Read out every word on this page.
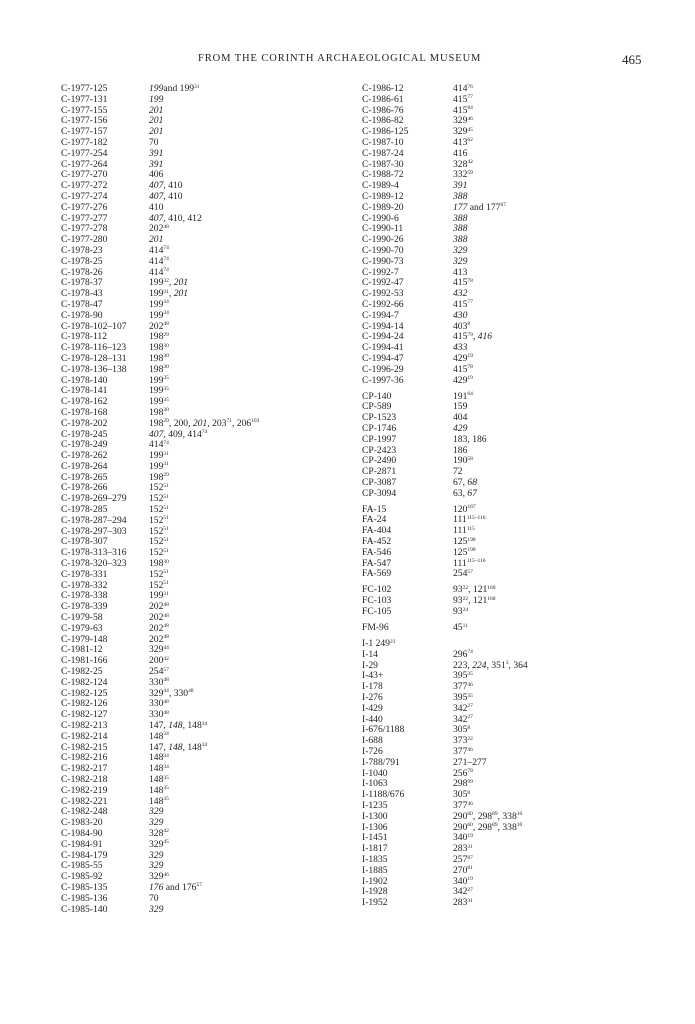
FROM THE CORINTH ARCHAEOLOGICAL MUSEUM	465
C-1977-125	199and $199^{31}$
C-1977-131	199
C-1977-155	201
C-1977-156	201
C-1977-157	201
C-1977-182	70
C-1977-254	391
C-1977-264	391
C-1977-270	406
C-1977-272	407, 410
C-1977-274	407, 410
C-1977-276	410
C-1977-277	407, 410, 412
C-1977-278	$202^{48}$
C-1977-280	201
C-1978-23	$414^{74}$
C-1978-25	$414^{74}$
C-1978-26	$414^{74}$
C-1978-37	$199^{32}$, 201
C-1978-43	$199^{31}$, 201
C-1978-47	$199^{34}$
C-1978-90	$199^{34}$
C-1978-102–107 $202^{48}$
C-1978-112	$198^{29}$
C-1978-116–123 $198^{30}$
C-1978-128–131 $198^{30}$
C-1978-136–138 $198^{30}$
C-1978-140	$199^{35}$
C-1978-141	$199^{35}$
C-1978-162	$199^{35}$
C-1978-168	$198^{30}$
C-1978-202	$198^{29}$, 200, 201, $203^{71}$, $206^{103}$
C-1978-245	407, 409, $414^{74}$
C-1978-249	$414^{74}$
C-1978-262	$199^{31}$
C-1978-264	$199^{31}$
C-1978-265	$198^{29}$
C-1978-266	$152^{51}$
C-1978-269–279 $152^{51}$
C-1978-285	$152^{51}$
C-1978-287–294 $152^{51}$
C-1978-297–303 $152^{51}$
C-1978-307	$152^{51}$
C-1978-313–316 $152^{51}$
C-1978-320–323 $198^{30}$
C-1978-331	$152^{51}$
C-1978-332	$152^{51}$
C-1978-338	$199^{31}$
C-1978-339	$202^{48}$
C-1979-58	$202^{48}$
C-1979-63	$202^{48}$
C-1979-148	$202^{48}$
C-1981-12	$329^{44}$
C-1981-166	$200^{42}$
C-1982-25	$254^{57}$
C-1982-124	$330^{48}$
C-1982-125	$329^{44}$, $330^{48}$
C-1982-126	$330^{48}$
C-1982-127	$330^{48}$
C-1982-213	147, 148, $148^{34}$
C-1982-214	$148^{34}$
C-1982-215	147, 148, $148^{34}$
C-1982-216	$148^{34}$
C-1982-217	$148^{34}$
C-1982-218	$148^{35}$
C-1982-219	$148^{35}$
C-1982-221	$148^{35}$
C-1982-248	329
C-1983-20	329
C-1984-90	$328^{42}$
C-1984-91	$329^{45}$
C-1984-179	329
C-1985-55	329
C-1985-92	$329^{46}$
C-1985-135	176 and $176^{57}$
C-1985-136	70
C-1985-140	329
C-1986-12	$414^{76}$
C-1986-61	$415^{77}$
C-1986-76	$415^{84}$
C-1986-82	$329^{46}$
C-1986-125	$329^{45}$
C-1987-10	$413^{62}$
C-1987-24	416
C-1987-30	$328^{42}$
C-1988-72	$332^{59}$
C-1989-4	391
C-1989-12	388
C-1989-20	177 and $177^{67}$
C-1990-6	388
C-1990-11	388
C-1990-26	388
C-1990-70	329
C-1990-73	329
C-1992-7	413
C-1992-47	$415^{78}$
C-1992-53	432
C-1992-66	$415^{77}$
C-1994-7	430
C-1994-14	$403^8$
C-1994-24	$415^{79}$, 416
C-1994-41	433
C-1994-47	$429^{19}$
C-1996-29	$415^{78}$
C-1997-36	$429^{19}$
CP-140	$191^{64}$
CP-589	159
CP-1523	404
CP-1746	429
CP-1997	183, 186
CP-2423	186
CP-2490	$190^{58}$
CP-2871	72
CP-3087	67, 68
CP-3094	63, 67
FA-15	$120^{167}$
FA-24	111$^{115-116}$
FA-404	$111^{115}$
FA-452	$125^{198}$
FA-546	$125^{198}$
FA-547	111$^{115-116}$
FA-569	$254^{57}$
FC-102	$93^{22}$, $121^{168}$
FC-103	$93^{22}$, $121^{168}$
FC-105	$93^{24}$
FM-96	$45^{11}$
I-1 $249^{23}$
I-14	$296^{74}$
I-29	223, 224, $351^3$, 364
I-43+	$395^{35}$
I-178	$377^{46}$
I-276	$395^{35}$
I-429	$342^{27}$
I-440	$342^{27}$
I-676/1188	$305^8$
I-688	$373^{22}$
I-726	$377^{46}$
I-788/791	271–277
I-1040	$256^{78}$
I-1063	$298^{99}$
I-1188/676	$305^8$
I-1235	$377^{46}$
I-1300	$290^{60}$, $298^{89}$, $338^{10}$
I-1306	$290^{60}$, $298^{89}$, $338^{10}$
I-1451	$340^{19}$
I-1817	$283^{31}$
I-1835	$257^{87}$
I-1885	$270^{81}$
I-1902	$340^{19}$
I-1928	$342^{27}$
I-1952	$283^{31}$
